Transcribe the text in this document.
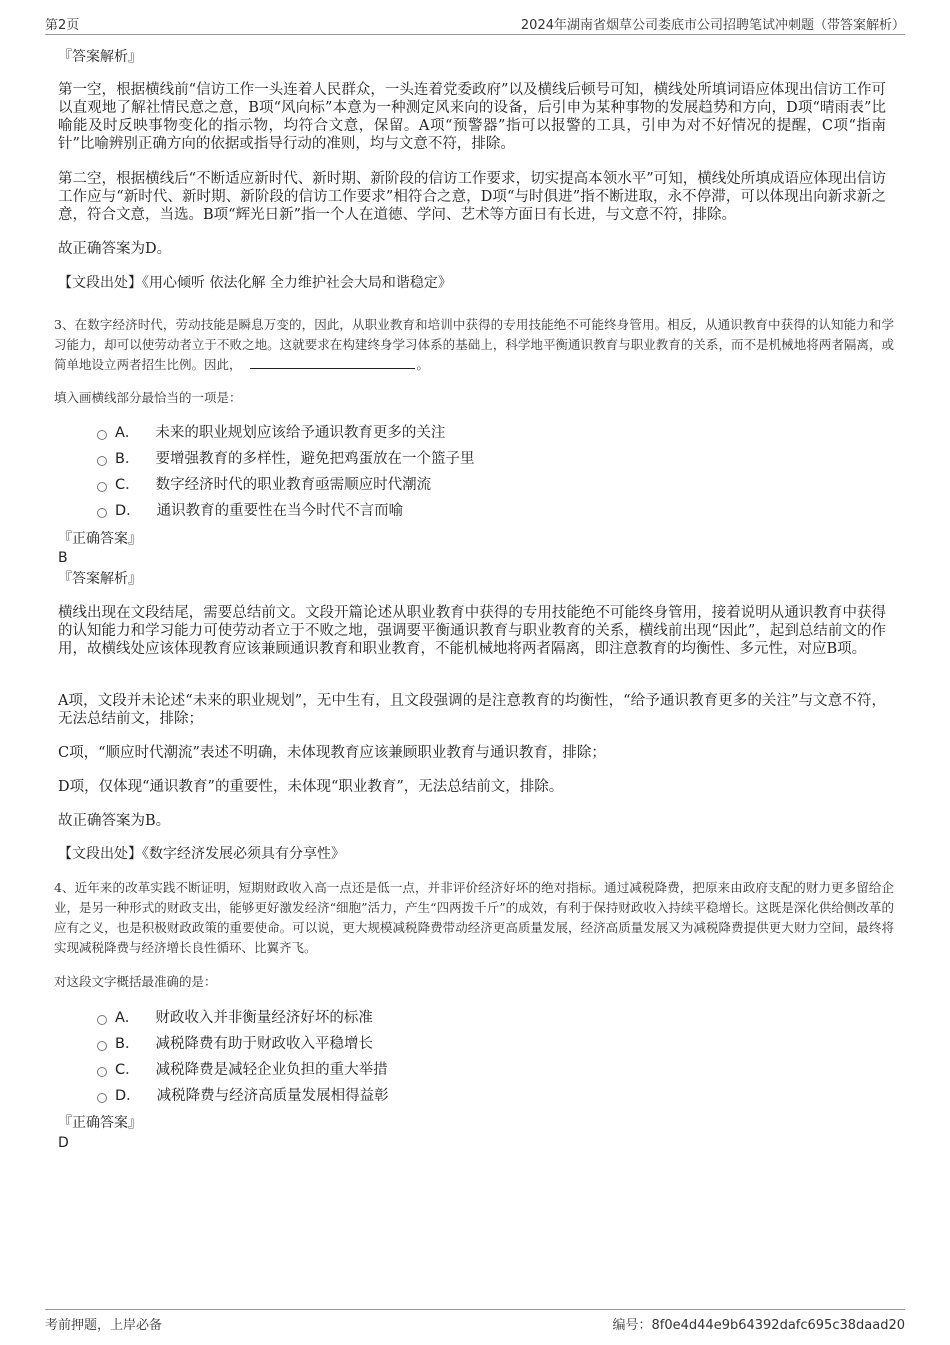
第2页	2024年湖南省烟草公司娄底市公司招聘笔试冲刺题（带答案解析）
『答案解析』
第一空，根据横线前“信访工作一头连着人民群众，一头连着党委政府”以及横线后顿号可知，横线处所填词语应体现出信访工作可以直观地了解社情民意之意，B项“风向标”本意为一种测定风来向的设备，后引申为某种事物的发展趋势和方向，D项“晴雨表”比喻能及时反映事物变化的指示物，均符合文意，保留。A项“预警器”指可以报警的工具，引申为对不好情况的提醒，C项“指南针”比喻辨别正确方向的依据或指导行动的准则，均与文意不符，排除。
第二空，根据横线后“不断适应新时代、新时期、新阶段的信访工作要求，切实提高本领水平”可知，横线处所填成语应体现出信访工作应与“新时代、新时期、新阶段的信访工作要求”相符合之意，D项“与时俱进”指不断进取，永不停滞，可以体现出向新求新之意，符合文意，当选。B项“辉光日新”指一个人在道德、学问、艺术等方面日有长进，与文意不符，排除。
故正确答案为D。
【文段出处】《用心倾听 依法化解 全力维护社会大局和谐稳定》
3、在数字经济时代，劳动技能是瞬息万变的，因此，从职业教育和培训中获得的专用技能绝不可能终身管用。相反，从通识教育中获得的认知能力和学习能力，却可以使劳动者立于不败之地。这就要求在构建终身学习体系的基础上，科学地平衡通识教育与职业教育的关系，而不是机械地将两者隔离，或简单地设立两者招生比例。因此，	。
填入画横线部分最恰当的一项是：
A． 未来的职业规划应该给予通识教育更多的关注
B． 要增强教育的多样性，避免把鸡蛋放在一个篮子里
C． 数字经济时代的职业教育亟需顺应时代潮流
D． 通识教育的重要性在当今时代不言而喻
『正确答案』
B
『答案解析』
横线出现在文段结尾，需要总结前文。文段开篇论述从职业教育中获得的专用技能绝不可能终身管用，接着说明从通识教育中获得的认知能力和学习能力可使劳动者立于不败之地，强调要平衡通识教育与职业教育的关系，横线前出现“因此”，起到总结前文的作用，故横线处应该体现教育应该兼顾通识教育和职业教育，不能机械地将两者隔离，即注意教育的均衡性、多元性，对应B项。
A项，文段并未论述“未来的职业规划”，无中生有，且文段强调的是注意教育的均衡性，“给予通识教育更多的关注”与文意不符，无法总结前文，排除；
C项，“顺应时代潮流”表述不明确，未体现教育应该兼顾职业教育与通识教育，排除；
D项，仅体现“通识教育”的重要性，未体现“职业教育”，无法总结前文，排除。
故正确答案为B。
【文段出处】《数字经济发展必须具有分享性》
4、近年来的改革实践不断证明，短期财政收入高一点还是低一点，并非评价经济好坏的绝对指标。通过减税降费，把原来由政府支配的财力更多留给企业，是另一种形式的财政支出，能够更好激发经济“细胞”活力，产生“四两拨千斤”的成效，有利于保持财政收入持续平稳增长。这既是深化供给侧改革的应有之义，也是积极财政政策的重要使命。可以说，更大规模减税降费带动经济更高质量发展，经济高质量发展又为减税降费提供更大财力空间，最终将实现减税降费与经济增长良性循环、比翼齐飞。
对这段文字概括最准确的是：
A． 财政收入并非衡量经济好坏的标准
B． 减税降费有助于财政收入平稳增长
C． 减税降费是减轻企业负担的重大举措
D． 减税降费与经济高质量发展相得益彰
『正确答案』
D
考前押题，上岸必备	编号：8f0e4d44e9b64392dafc695c38daad20
